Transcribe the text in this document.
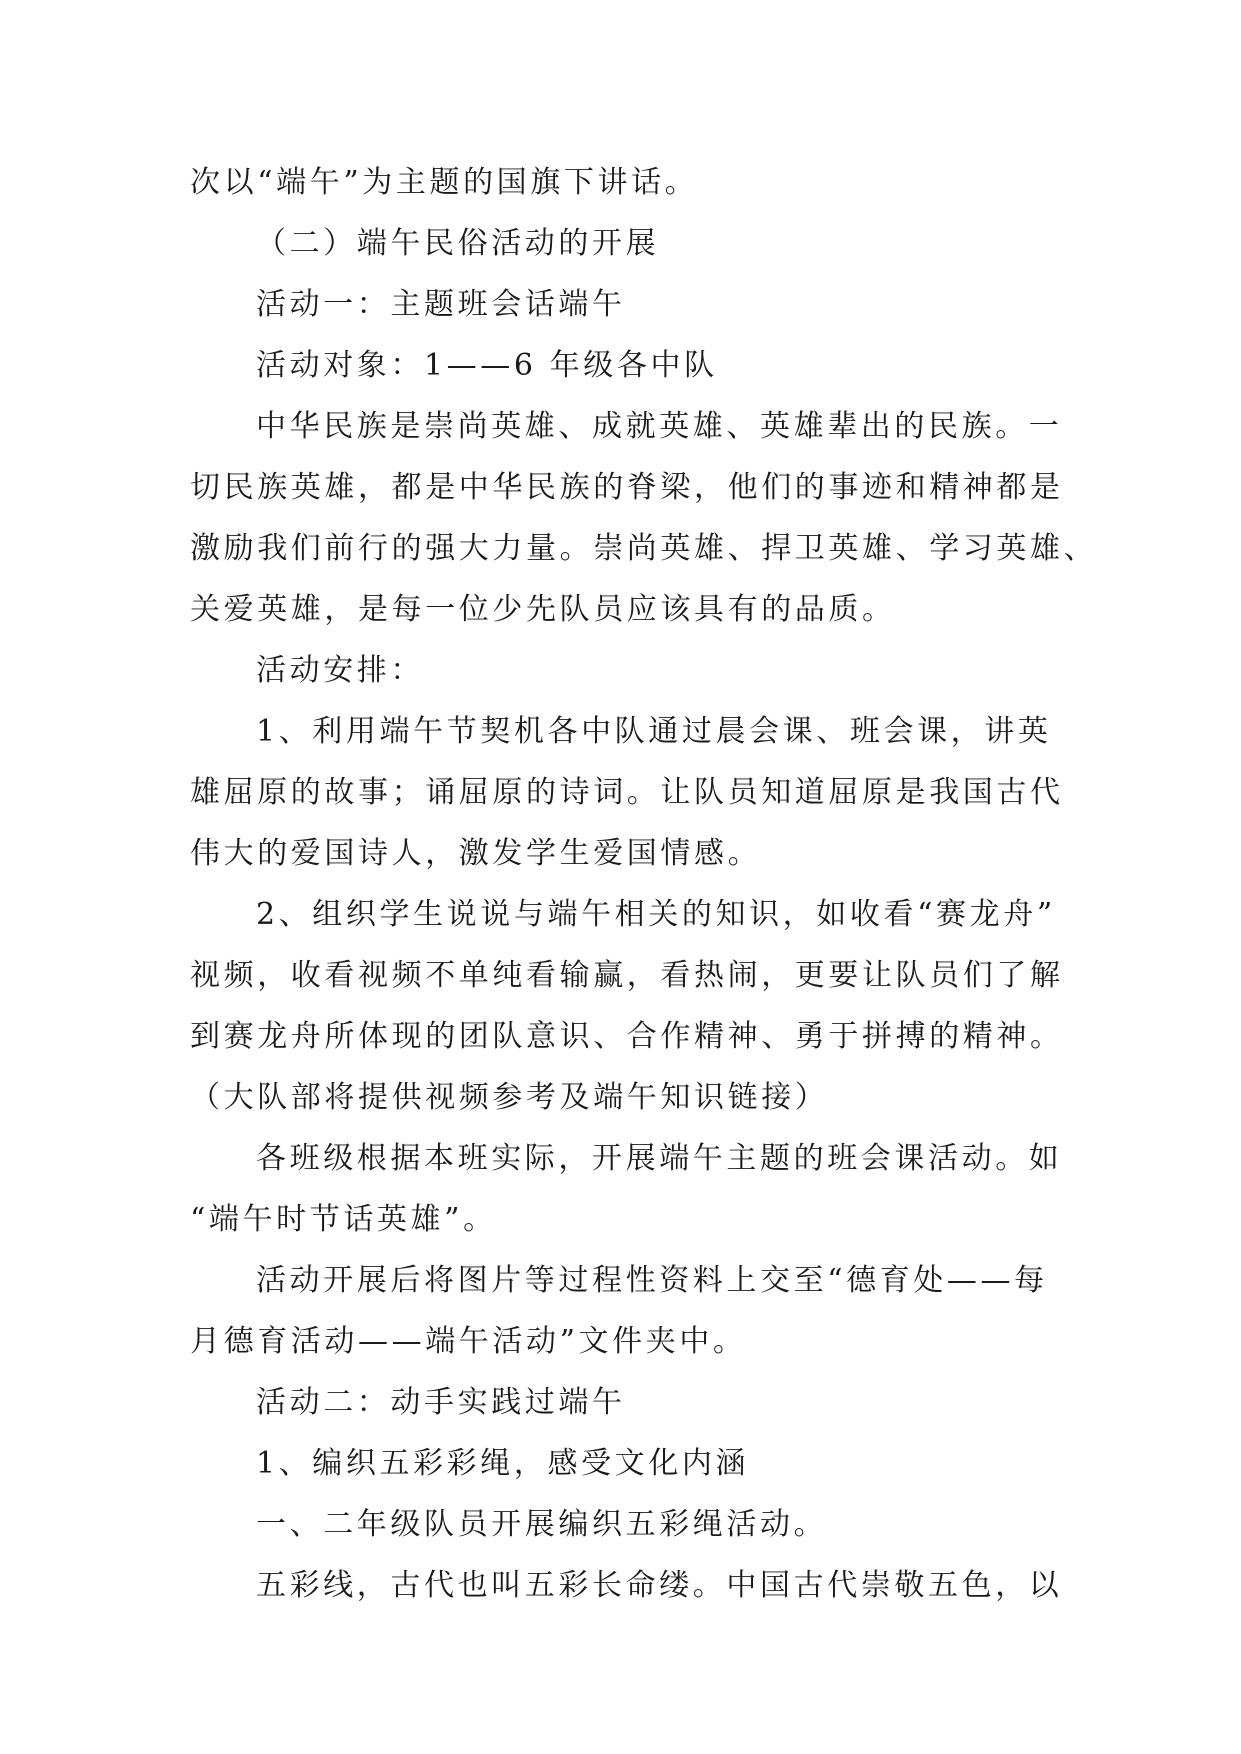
次以“端午”为主题的国旗下讲话。

（二）端午民俗活动的开展

活动一：主题班会话端午

活动对象：1——6 年级各中队

中华民族是崇尚英雄、成就英雄、英雄辈出的民族。一

切民族英雄，都是中华民族的脊梁，他们的事迹和精神都是

激励我们前行的强大力量。崇尚英雄、捍卫英雄、学习英雄、

关爱英雄，是每一位少先队员应该具有的品质。

活动安排：

1、利用端午节契机各中队通过晨会课、班会课，讲英

雄屈原的故事；诵屈原的诗词。让队员知道屈原是我国古代

伟大的爱国诗人，激发学生爱国情感。

2、组织学生说说与端午相关的知识，如收看“赛龙舟”

视频，收看视频不单纯看输赢，看热闹，更要让队员们了解

到赛龙舟所体现的团队意识、合作精神、勇于拼搏的精神。

（大队部将提供视频参考及端午知识链接）

各班级根据本班实际，开展端午主题的班会课活动。如

“端午时节话英雄”。

活动开展后将图片等过程性资料上交至“德育处——每

月德育活动——端午活动”文件夹中。

活动二：动手实践过端午

1、编织五彩彩绳，感受文化内涵

一、二年级队员开展编织五彩绳活动。

五彩线，古代也叫五彩长命缕。中国古代崇敬五色，以
